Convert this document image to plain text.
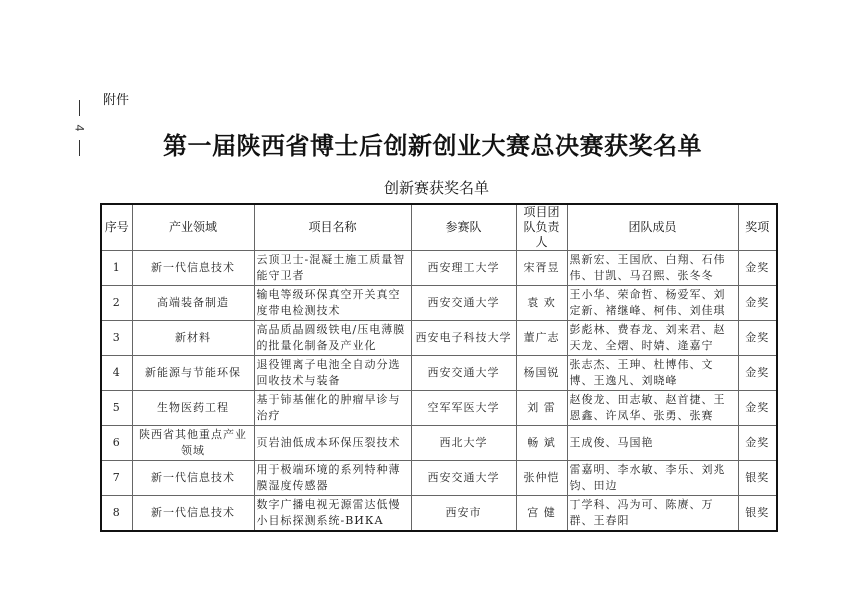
4
附件
第一届陕西省博士后创新创业大赛总决赛获奖名单
创新赛获奖名单
序号	产业领域	项目名称	参赛队	项目团队负责人	团队成员	奖项
1	新一代信息技术	云顶卫士-混凝土施工质量智能守卫者	西安理工大学	宋胥昱	黑新宏、王国欣、白翔、石伟伟、甘凯、马召熙、张冬冬	金奖
2	高端装备制造	输电等级环保真空开关真空度带电检测技术	西安交通大学	袁 欢	王小华、荣命哲、杨爱军、刘定新、褚继峰、柯伟、刘佳琪	金奖
3	新材料	高品质晶圆级铁电/压电薄膜的批量化制备及产业化	西安电子科技大学	董广志	彭彪林、费春龙、刘来君、赵天龙、全熠、时婧、逄嘉宁	金奖
4	新能源与节能环保	退役锂离子电池全自动分选回收技术与装备	西安交通大学	杨国锐	张志杰、王珅、杜博伟、文博、王逸凡、刘晓峰	金奖
5	生物医药工程	基于铈基催化的肿瘤早诊与治疗	空军军医大学	刘 雷	赵俊龙、田志敏、赵首捷、王恩鑫、许凤华、张勇、张赛	金奖
6	陕西省其他重点产业领域	页岩油低成本环保压裂技术	西北大学	畅 斌	王成俊、马国艳	金奖
7	新一代信息技术	用于极端环境的系列特种薄膜湿度传感器	西安交通大学	张仲恺	雷嘉明、李水敏、李乐、刘兆钧、田边	银奖
8	新一代信息技术	数字广播电视无源雷达低慢小目标探测系统-ВИКА	西安市	宫 健	丁学科、冯为可、陈赓、万群、王春阳	银奖
